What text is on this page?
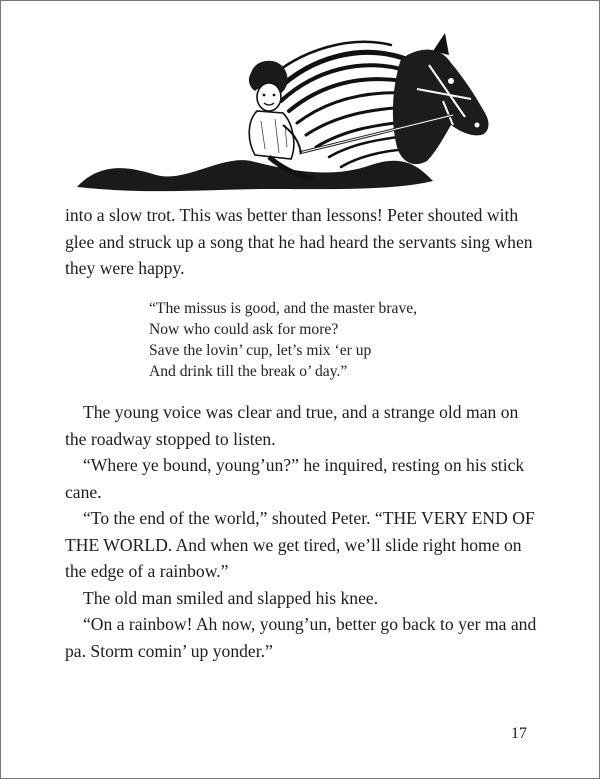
into a slow trot. This was better than lessons! Peter shouted with glee and struck up a song that he had heard the servants sing when they were happy.

“The missus is good, and the master brave,
Now who could ask for more?
Save the lovin’ cup, let’s mix ‘er up
And drink till the break o’ day.”
The young voice was clear and true, and a strange old man on the roadway stopped to listen.
“Where ye bound, young’un?” he inquired, resting on his stick cane.
“To the end of the world,” shouted Peter. “THE VERY END OF THE WORLD. And when we get tired, we’ll slide right home on the edge of a rainbow.”
The old man smiled and slapped his knee.
“On a rainbow! Ah now, young’un, better go back to yer ma and pa. Storm comin’ up yonder.”
17
